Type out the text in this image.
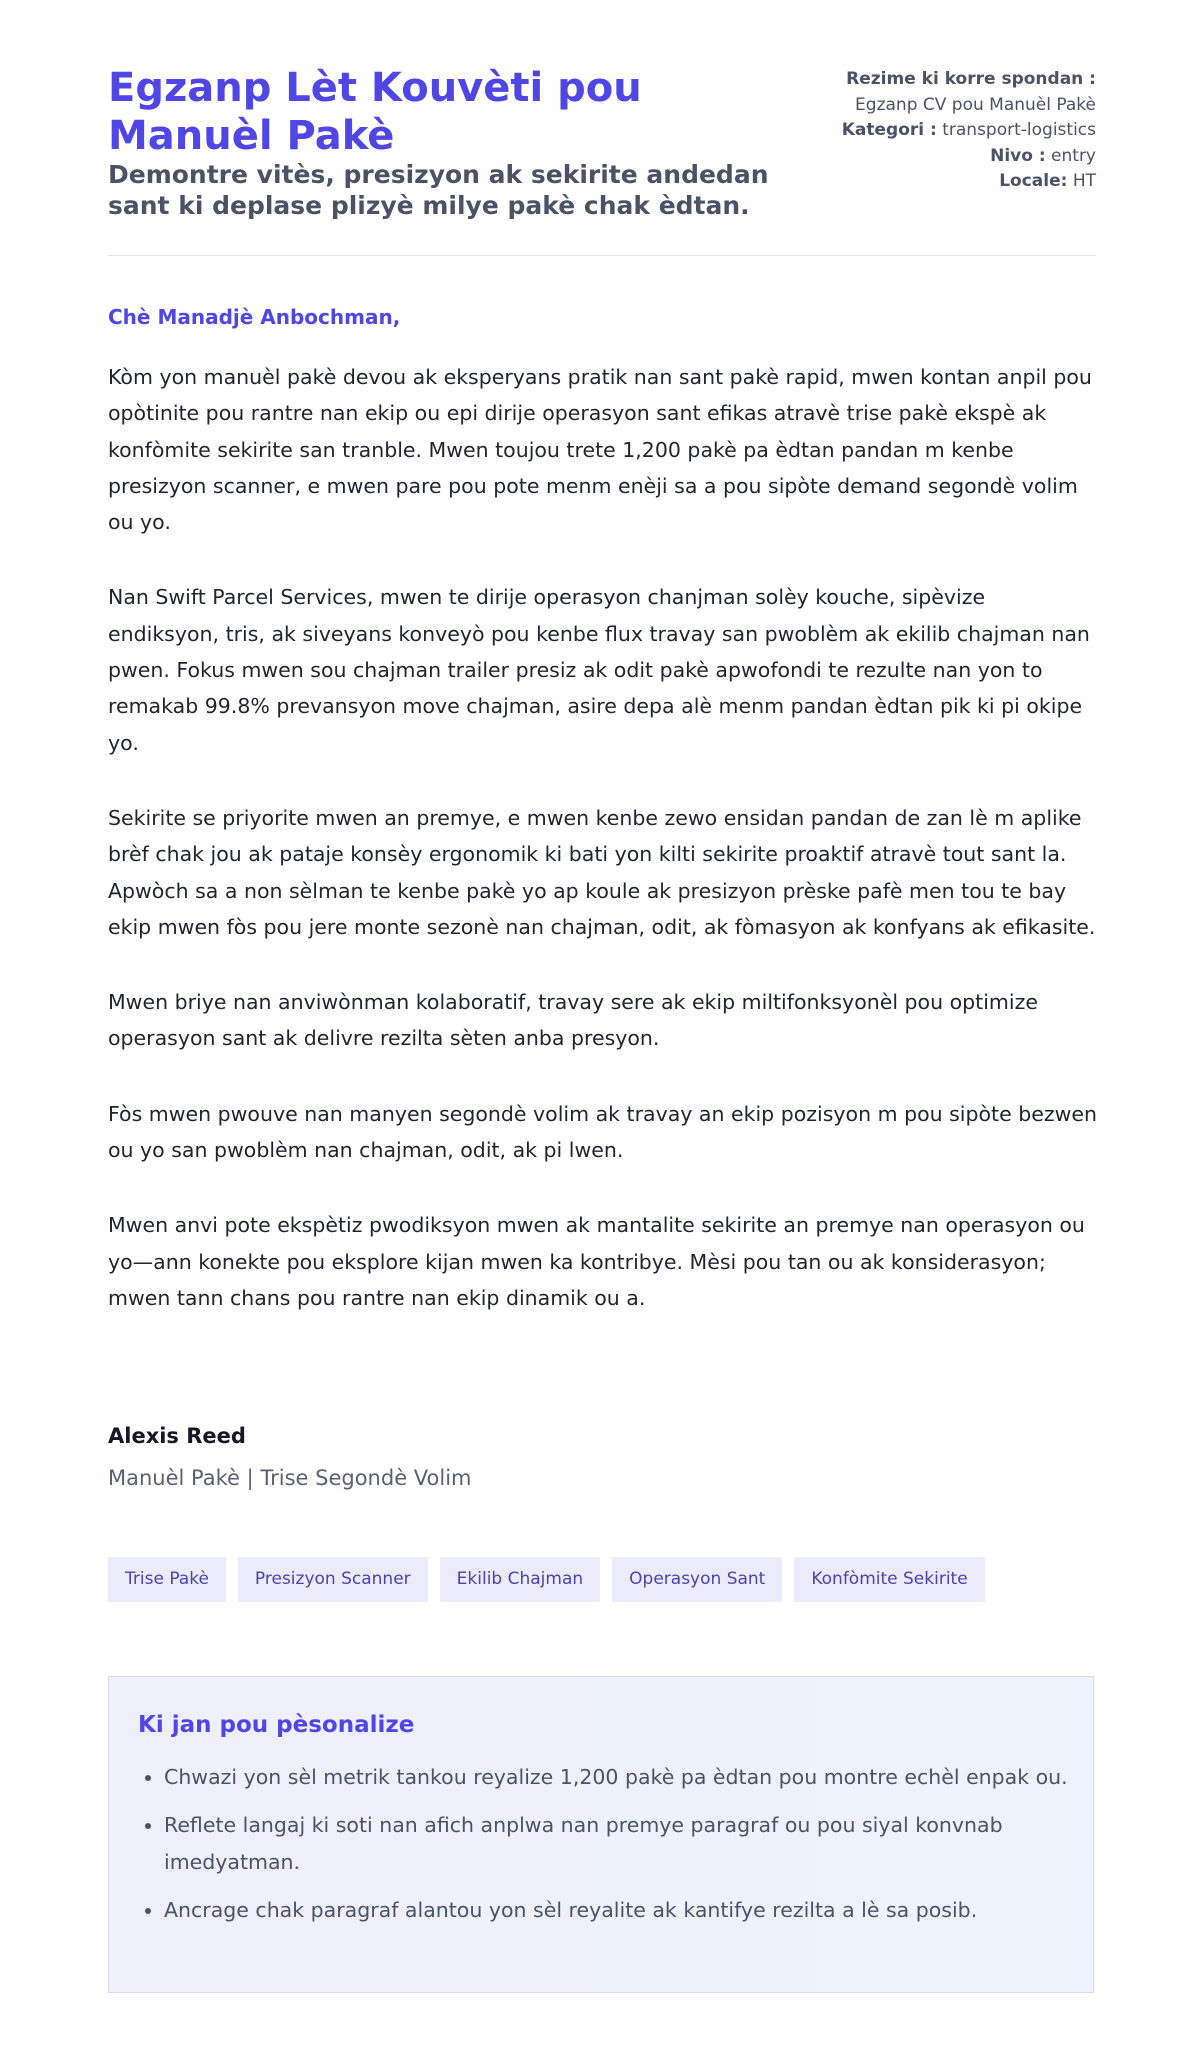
Egzanp Lèt Kouvèti pou Manuèl Pakè
Demontre vitès, presizyon ak sekirite andedan sant ki deplase plizyè milye pakè chak èdtan.
Rezime ki korre spondan :
Egzanp CV pou Manuèl Pakè
Kategori : transport-logistics
Nivo : entry
Locale: HT

Chè Manadjè Anbochman,

Kòm yon manuèl pakè devou ak eksperyans pratik nan sant pakè rapid, mwen kontan anpil pou opòtinite pou rantre nan ekip ou epi dirije operasyon sant efikas atravè trise pakè ekspè ak konfòmite sekirite san tranble. Mwen toujou trete 1,200 pakè pa èdtan pandan m kenbe presizyon scanner, e mwen pare pou pote menm enèji sa a pou sipòte demand segondè volim ou yo.

Nan Swift Parcel Services, mwen te dirije operasyon chanjman solèy kouche, sipèvize endiksyon, tris, ak siveyans konveyò pou kenbe flux travay san pwoblèm ak ekilib chajman nan pwen. Fokus mwen sou chajman trailer presiz ak odit pakè apwofondi te rezulte nan yon to remakab 99.8% prevansyon move chajman, asire depa alè menm pandan èdtan pik ki pi okipe yo.

Sekirite se priyorite mwen an premye, e mwen kenbe zewo ensidan pandan de zan lè m aplike brèf chak jou ak pataje konsèy ergonomik ki bati yon kilti sekirite proaktif atravè tout sant la. Apwòch sa a non sèlman te kenbe pakè yo ap koule ak presizyon prèske pafè men tou te bay ekip mwen fòs pou jere monte sezonè nan chajman, odit, ak fòmasyon ak konfyans ak efikasite.

Mwen briye nan anviwònman kolaboratif, travay sere ak ekip miltifonksyonèl pou optimize operasyon sant ak delivre rezilta sèten anba presyon.

Fòs mwen pwouve nan manyen segondè volim ak travay an ekip pozisyon m pou sipòte bezwen ou yo san pwoblèm nan chajman, odit, ak pi lwen.

Mwen anvi pote ekspètiz pwodiksyon mwen ak mantalite sekirite an premye nan operasyon ou yo—ann konekte pou eksplore kijan mwen ka kontribye. Mèsi pou tan ou ak konsiderasyon; mwen tann chans pou rantre nan ekip dinamik ou a.

Alexis Reed

Manuèl Pakè | Trise Segondè Volim

Trise Pakè	Presizyon Scanner	Ekilib Chajman	Operasyon Sant	Konfòmite Sekirite
Ki jan pou pèsonalize
• Chwazi yon sèl metrik tankou reyalize 1,200 pakè pa èdtan pou montre echèl enpak ou.
• Reflete langaj ki soti nan afich anplwa nan premye paragraf ou pou siyal konvnab imedyatman.
• Ancrage chak paragraf alantou yon sèl reyalite ak kantifye rezilta a lè sa posib.
